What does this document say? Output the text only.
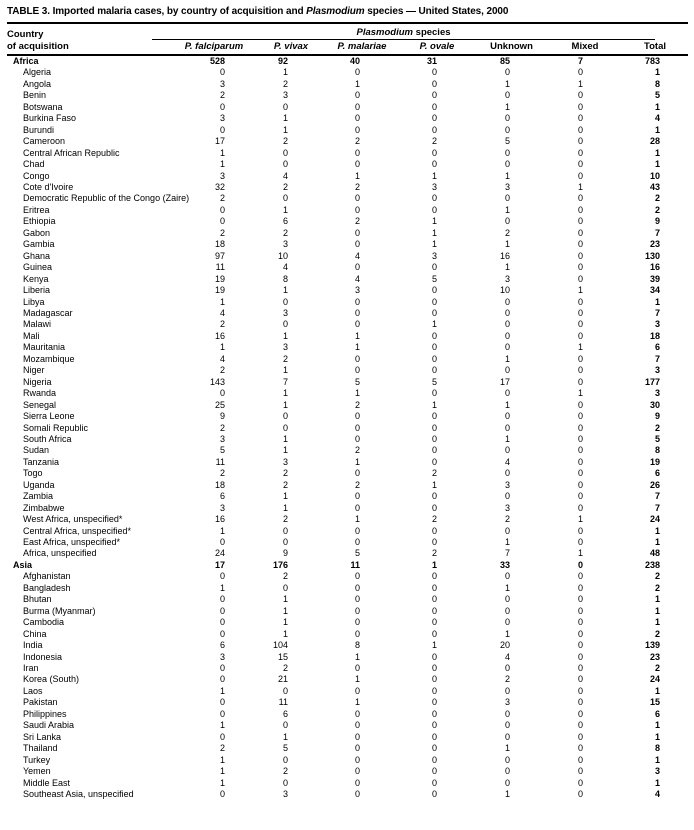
TABLE 3. Imported malaria cases, by country of acquisition and Plasmodium species — United States, 2000
Country	Plasmodium species						

of acquisition	P. falciparum	P. vivax	P. malariae	P. ovale	Unknown	Mixed	Total
Africa	528	92	40	31	85	7	783
Algeria	0	1	0	0	0	0	1
Angola	3	2	1	0	1	1	8
Benin	2	3	0	0	0	0	5
Botswana	0	0	0	0	1	0	1
Burkina Faso	3	1	0	0	0	0	4
Burundi	0	1	0	0	0	0	1
Cameroon	17	2	2	2	5	0	28
Central African Republic	1	0	0	0	0	0	1
Chad	1	0	0	0	0	0	1
Congo	3	4	1	1	1	0	10
Cote d'Ivoire	32	2	2	3	3	1	43
Democratic Republic of the Congo (Zaire)	2	0	0	0	0	0	2
Eritrea	0	1	0	0	1	0	2
Ethiopia	0	6	2	1	0	0	9
Gabon	2	2	0	1	2	0	7
Gambia	18	3	0	1	1	0	23
Ghana	97	10	4	3	16	0	130
Guinea	11	4	0	0	1	0	16
Kenya	19	8	4	5	3	0	39
Liberia	19	1	3	0	10	1	34
Libya	1	0	0	0	0	0	1
Madagascar	4	3	0	0	0	0	7
Malawi	2	0	0	1	0	0	3
Mali	16	1	1	0	0	0	18
Mauritania	1	3	1	0	0	1	6
Mozambique	4	2	0	0	1	0	7
Niger	2	1	0	0	0	0	3
Nigeria	143	7	5	5	17	0	177
Rwanda	0	1	1	0	0	1	3
Senegal	25	1	2	1	1	0	30
Sierra Leone	9	0	0	0	0	0	9
Somali Republic	2	0	0	0	0	0	2
South Africa	3	1	0	0	1	0	5
Sudan	5	1	2	0	0	0	8
Tanzania	11	3	1	0	4	0	19
Togo	2	2	0	2	0	0	6
Uganda	18	2	2	1	3	0	26
Zambia	6	1	0	0	0	0	7
Zimbabwe	3	1	0	0	3	0	7
West Africa, unspecified*	16	2	1	2	2	1	24
Central Africa, unspecified*	1	0	0	0	0	0	1
East Africa, unspecified*	0	0	0	0	1	0	1
Africa, unspecified	24	9	5	2	7	1	48
Asia	17	176	11	1	33	0	238
Afghanistan	0	2	0	0	0	0	2
Bangladesh	1	0	0	0	1	0	2
Bhutan	0	1	0	0	0	0	1
Burma (Myanmar)	0	1	0	0	0	0	1
Cambodia	0	1	0	0	0	0	1
China	0	1	0	0	1	0	2
India	6	104	8	1	20	0	139
Indonesia	3	15	1	0	4	0	23
Iran	0	2	0	0	0	0	2
Korea (South)	0	21	1	0	2	0	24
Laos	1	0	0	0	0	0	1
Pakistan	0	11	1	0	3	0	15
Philippines	0	6	0	0	0	0	6
Saudi Arabia	1	0	0	0	0	0	1
Sri Lanka	0	1	0	0	0	0	1
Thailand	2	5	0	0	1	0	8
Turkey	1	0	0	0	0	0	1
Yemen	1	2	0	0	0	0	3
Middle East	1	0	0	0	0	0	1
Southeast Asia, unspecified	0	3	0	0	1	0	4
